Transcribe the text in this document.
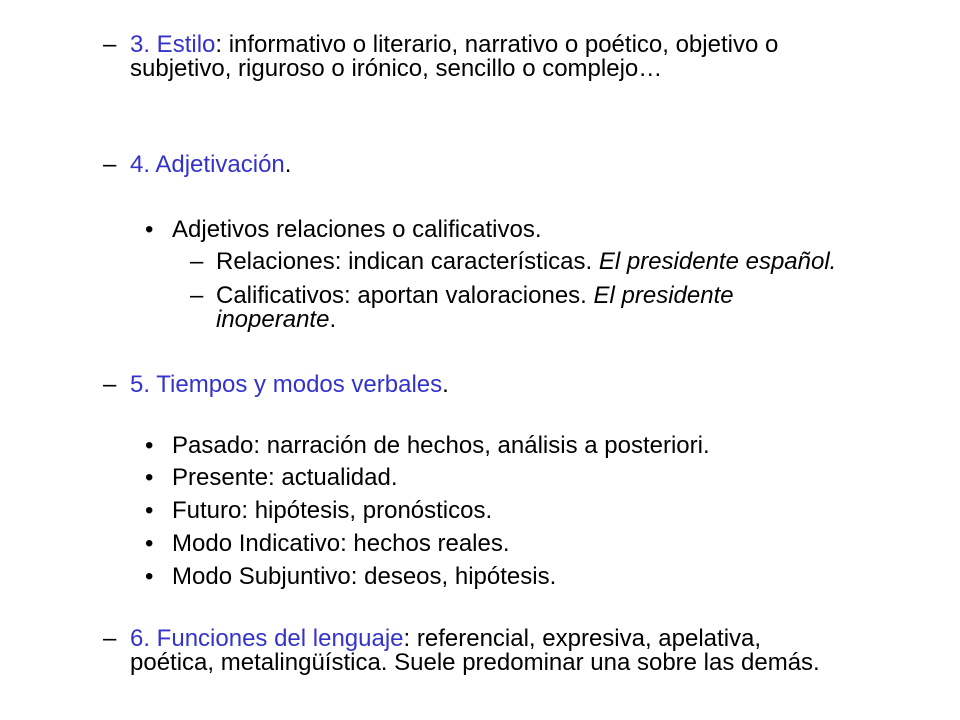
– 3. Estilo: informativo o literario, narrativo o poético, objetivo o
subjetivo, riguroso o irónico, sencillo o complejo…
– 4. Adjetivación.
• Adjetivos relaciones o calificativos.
– Relaciones: indican características. El presidente español.
– Calificativos: aportan valoraciones. El presidente
inoperante.
– 5. Tiempos y modos verbales.
• Pasado: narración de hechos, análisis a posteriori.
• Presente: actualidad.
• Futuro: hipótesis, pronósticos.
• Modo Indicativo: hechos reales.
• Modo Subjuntivo: deseos, hipótesis.
– 6. Funciones del lenguaje: referencial, expresiva, apelativa,
poética, metalingüística. Suele predominar una sobre las demás.
